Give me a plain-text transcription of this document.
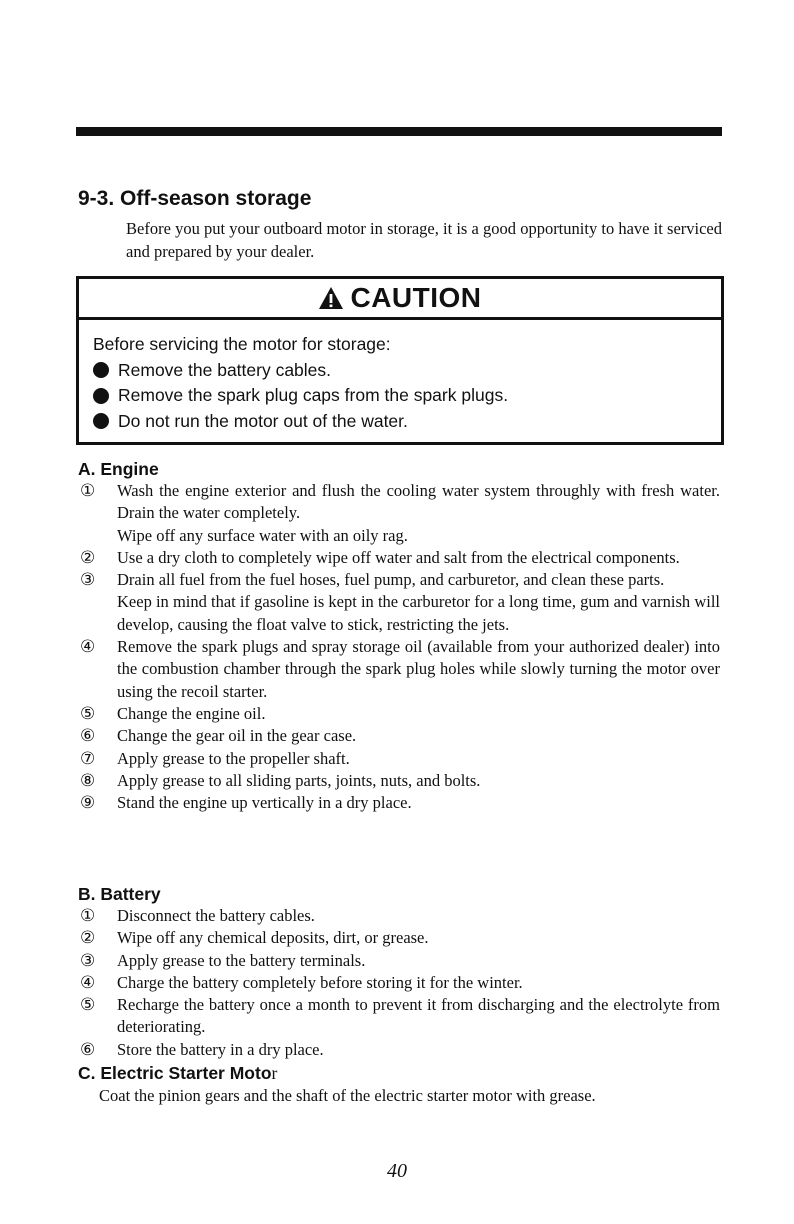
9-3. Off-season storage
Before you put your outboard motor in storage, it is a good opportunity to have it serviced and prepared by your dealer.
CAUTION
Before servicing the motor for storage:
Remove the battery cables.
Remove the spark plug caps from the spark plugs.
Do not run the motor out of the water.
A. Engine
①	Wash the engine exterior and flush the cooling water system throughly with fresh water. Drain the water completely.
Wipe off any surface water with an oily rag.
②	Use a dry cloth to completely wipe off water and salt from the electrical components.
③	Drain all fuel from the fuel hoses, fuel pump, and carburetor, and clean these parts.
Keep in mind that if gasoline is kept in the carburetor for a long time, gum and varnish will develop, causing the float valve to stick, restricting the jets.
④	Remove the spark plugs and spray storage oil (available from your authorized dealer) into the combustion chamber through the spark plug holes while slowly turning the motor over using the recoil starter.
⑤	Change the engine oil.
⑥	Change the gear oil in the gear case.
⑦	Apply grease to the propeller shaft.
⑧	Apply grease to all sliding parts, joints, nuts, and bolts.
⑨	Stand the engine up vertically in a dry place.
B. Battery
①	Disconnect the battery cables.
②	Wipe off any chemical deposits, dirt, or grease.
③	Apply grease to the battery terminals.
④	Charge the battery completely before storing it for the winter.
⑤	Recharge the battery once a month to prevent it from discharging and the electrolyte from deteriorating.
⑥	Store the battery in a dry place.
C. Electric Starter Motor
Coat the pinion gears and the shaft of the electric starter motor with grease.
40
